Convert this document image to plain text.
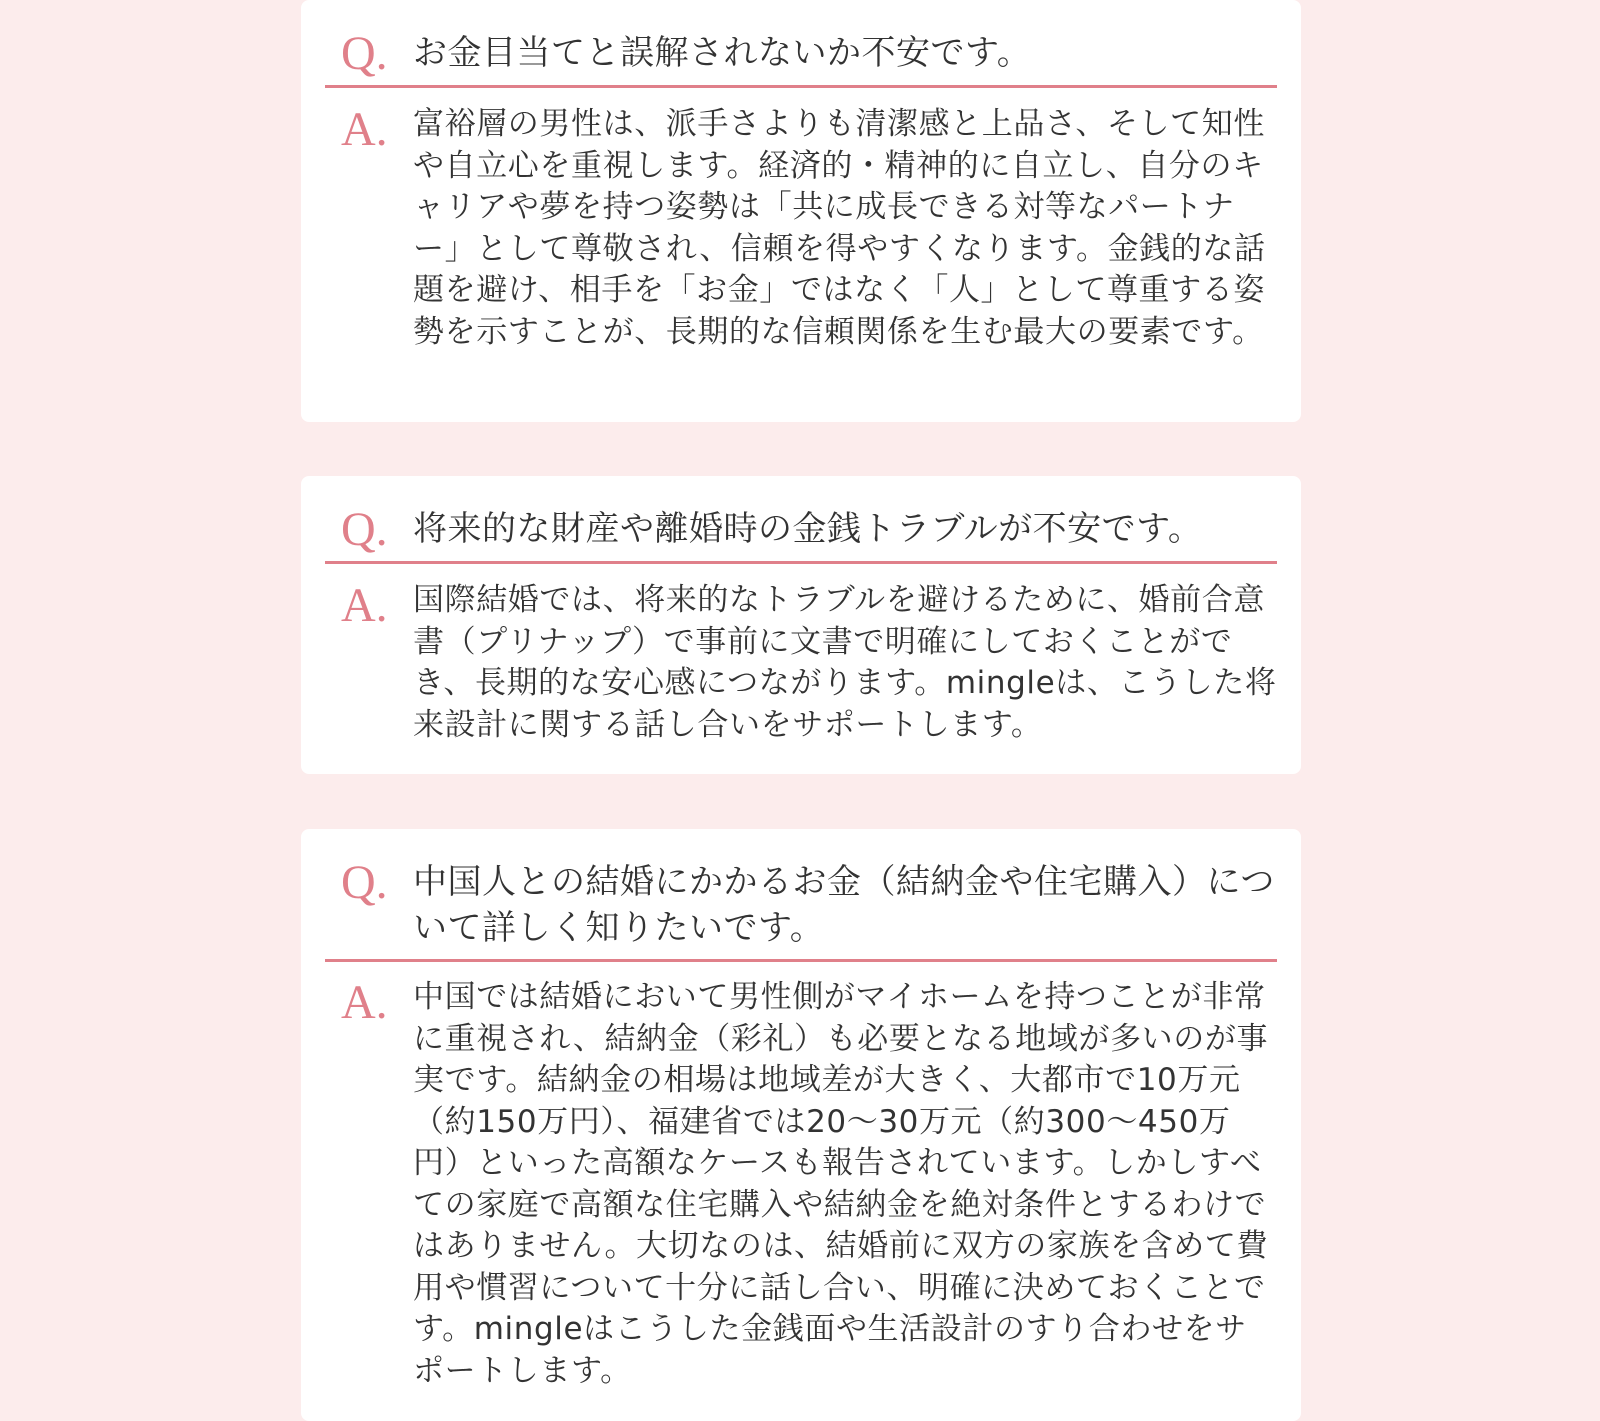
Q. お金目当てと誤解されないか不安です。
A. 富裕層の男性は、派手さよりも清潔感と上品さ、そして知性や自立心を重視します。経済的・精神的に自立し、自分のキャリアや夢を持つ姿勢は「共に成長できる対等なパートナー」として尊敬され、信頼を得やすくなります。金銭的な話題を避け、相手を「お金」ではなく「人」として尊重する姿勢を示すことが、長期的な信頼関係を生む最大の要素です。
Q. 将来的な財産や離婚時の金銭トラブルが不安です。
A. 国際結婚では、将来的なトラブルを避けるために、婚前合意書（プリナップ）で事前に文書で明確にしておくことができ、長期的な安心感につながります。mingleは、こうした将来設計に関する話し合いをサポートします。
Q. 中国人との結婚にかかるお金（結納金や住宅購入）について詳しく知りたいです。
A. 中国では結婚において男性側がマイホームを持つことが非常に重視され、結納金（彩礼）も必要となる地域が多いのが事実です。結納金の相場は地域差が大きく、大都市で10万元（約150万円）、福建省では20～30万元（約300～450万円）といった高額なケースも報告されています。しかしすべての家庭で高額な住宅購入や結納金を絶対条件とするわけではありません。大切なのは、結婚前に双方の家族を含めて費用や慣習について十分に話し合い、明確に決めておくことです。mingleはこうした金銭面や生活設計のすり合わせをサポートします。
